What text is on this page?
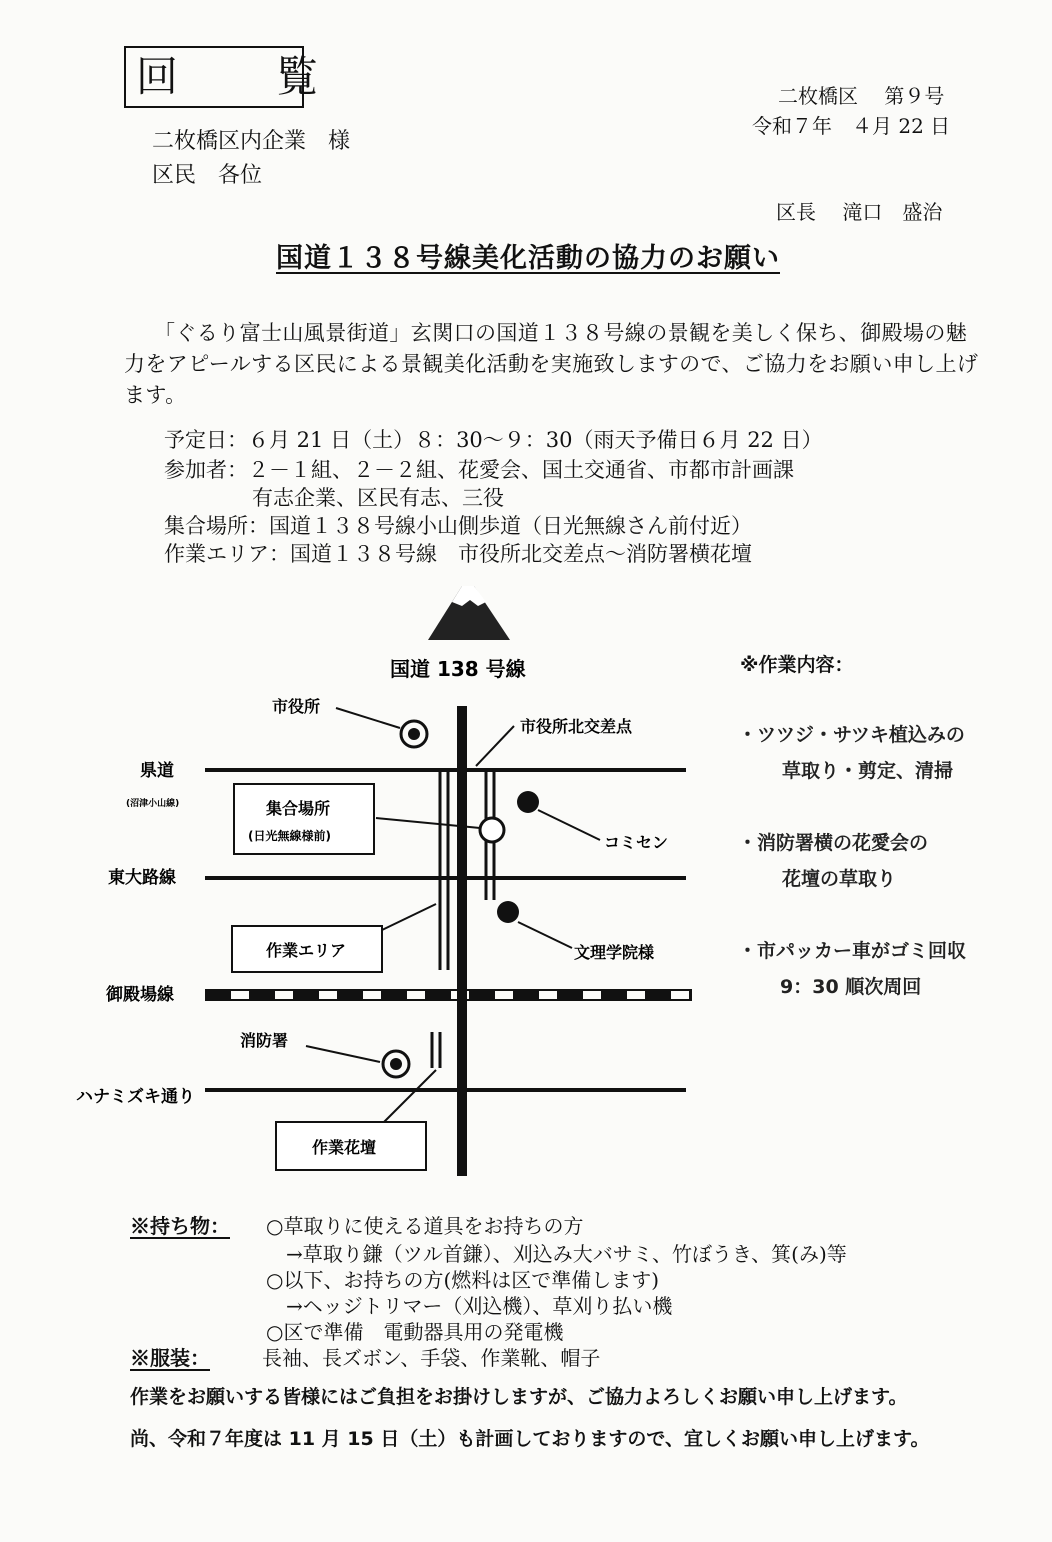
回　覧
二枚橋区内企業　様
区民　各位
二枚橋区　 第９号
令和７年　４月 22 日
区長　 滝口　盛治
国道１３８号線美化活動の協力のお願い
「ぐるり富士山風景街道」玄関口の国道１３８号線の景観を美しく保ち、御殿場の魅力をアピールする区民による景観美化活動を実施致しますので、ご協力をお願い申し上げます。
予定日：６月 21 日（土）８：30～９：30（雨天予備日６月 22 日）
参加者：２－１組、２－２組、花愛会、国土交通省、市都市計画課
有志企業、区民有志、三役
集合場所：国道１３８号線小山側歩道（日光無線さん前付近）
作業エリア：国道１３８号線　市役所北交差点～消防署横花壇
国道 138 号線
市役所
市役所北交差点
県道
(沼津小山線)	集合場所
(日光無線様前)	コミセン
東大路線
作業エリア	文理学院様
御殿場線
消防署
ハナミズキ通り
作業花壇
※作業内容：
・ツツジ・サツキ植込みの
草取り・剪定、清掃
・消防署横の花愛会の
花壇の草取り
・市パッカー車がゴミ回収
9：30 順次周回
※持ち物： ○草取りに使える道具をお持ちの方
→草取り鎌（ツル首鎌）、刈込み大バサミ、竹ぼうき、箕(み)等
○以下、お持ちの方(燃料は区で準備します)
→ヘッジトリマー（刈込機）、草刈り払い機
○区で準備　電動器具用の発電機
※服装：	長袖、長ズボン、手袋、作業靴、帽子
作業をお願いする皆様にはご負担をお掛けしますが、ご協力よろしくお願い申し上げます。
尚、令和７年度は 11 月 15 日（土）も計画しておりますので、宜しくお願い申し上げます。
